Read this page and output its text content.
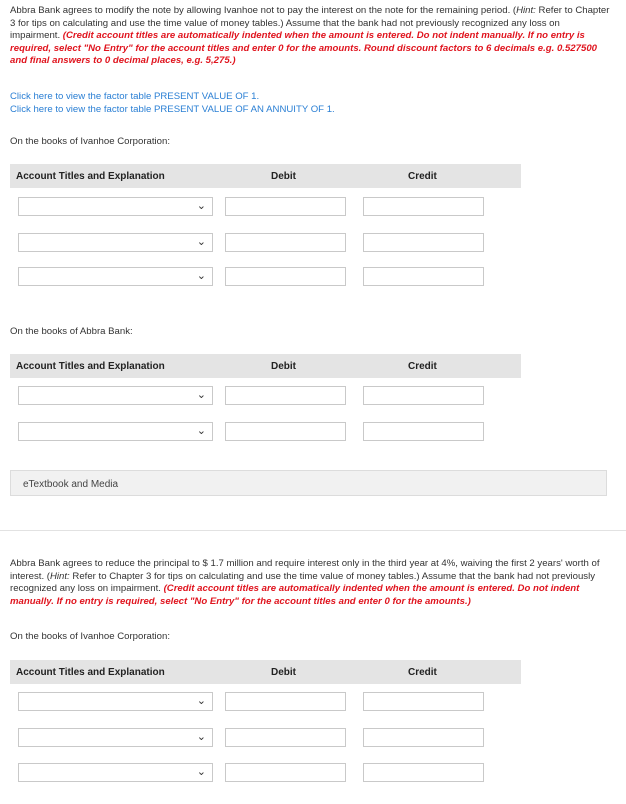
Abbra Bank agrees to modify the note by allowing Ivanhoe not to pay the interest on the note for the remaining period. (Hint: Refer to Chapter 3 for tips on calculating and use the time value of money tables.) Assume that the bank had not previously recognized any loss on impairment. (Credit account titles are automatically indented when the amount is entered. Do not indent manually. If no entry is required, select "No Entry" for the account titles and enter 0 for the amounts. Round discount factors to 6 decimals e.g. 0.527500 and final answers to 0 decimal places, e.g. 5,275.)

Click here to view the factor table PRESENT VALUE OF 1.
Click here to view the factor table PRESENT VALUE OF AN ANNUITY OF 1.
On the books of Ivanhoe Corporation:
Account Titles and Explanation	Debit	Credit
⌄
⌄
⌄
On the books of Abbra Bank:
Account Titles and Explanation	Debit	Credit
⌄
⌄
eTextbook and Media

Abbra Bank agrees to reduce the principal to $ 1.7 million and require interest only in the third year at 4%, waiving the first 2 years' worth of interest. (Hint: Refer to Chapter 3 for tips on calculating and use the time value of money tables.) Assume that the bank had not previously recognized any loss on impairment. (Credit account titles are automatically indented when the amount is entered. Do not indent manually. If no entry is required, select "No Entry" for the account titles and enter 0 for the amounts.)

On the books of Ivanhoe Corporation:
Account Titles and Explanation	Debit	Credit
⌄
⌄
⌄
